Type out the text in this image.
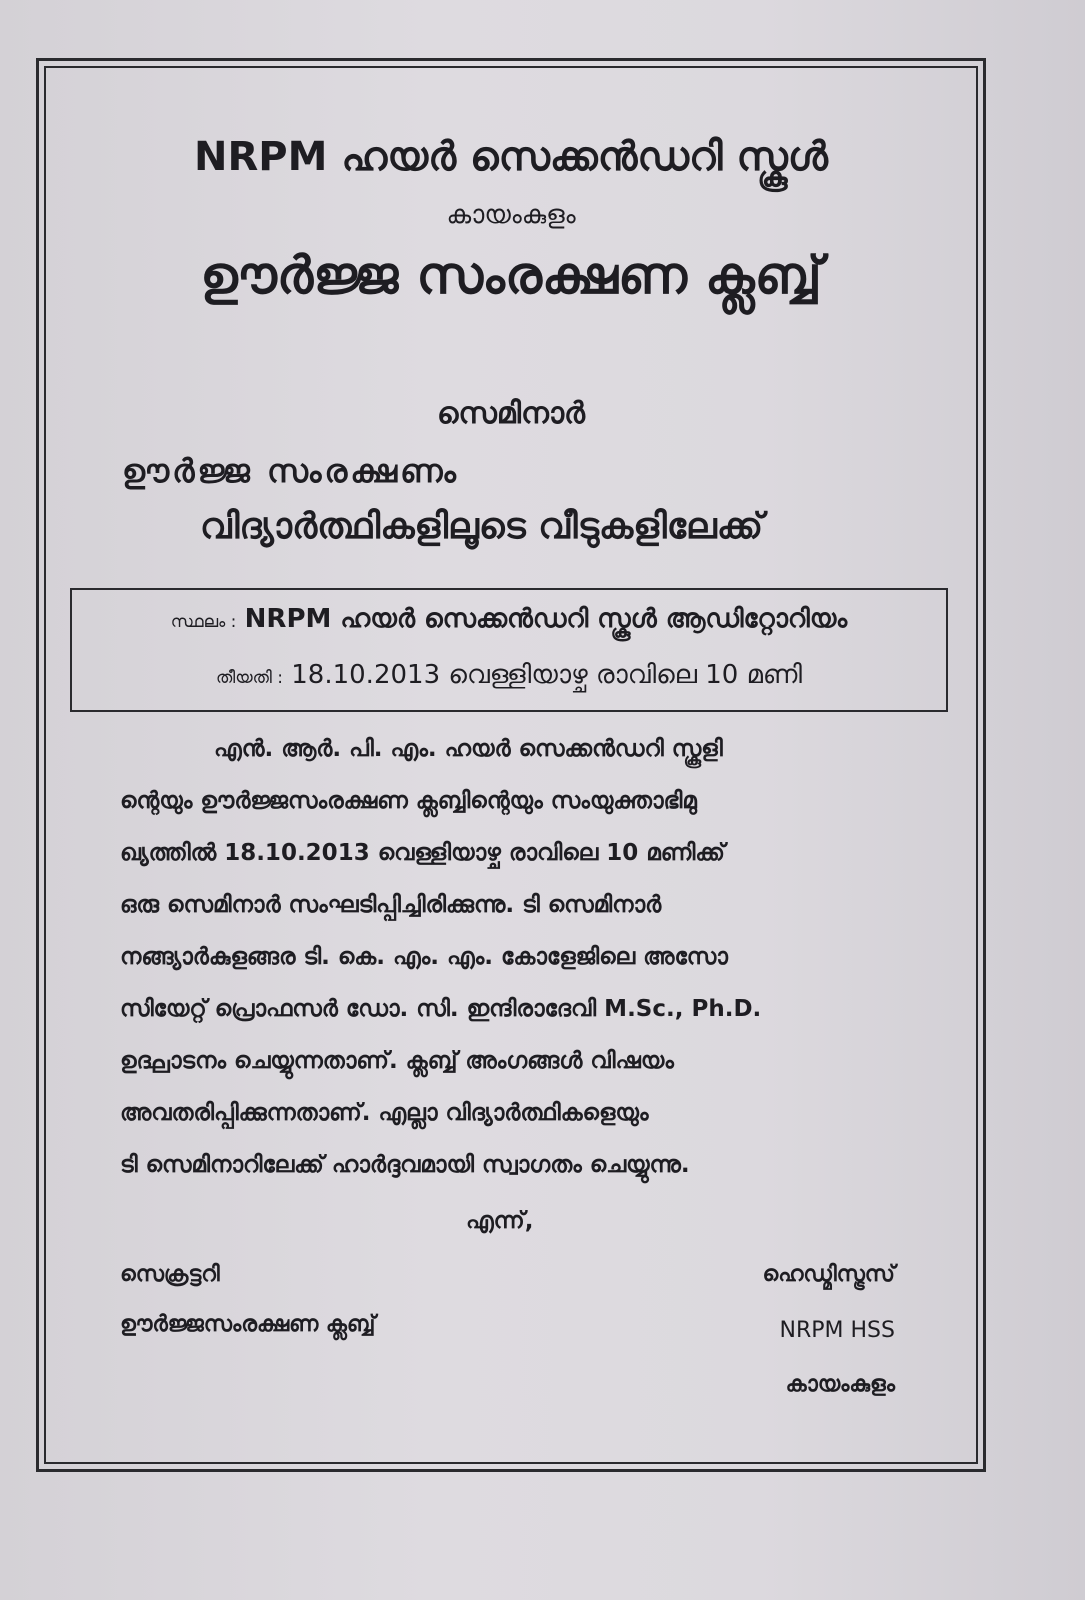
NRPM ഹയർ സെക്കൻഡറി സ്കൂൾ
കായംകുളം
ഊർജ്ജ സംരക്ഷണ ക്ലബ്ബ്
സെമിനാർ
ഊർജ്ജ സംരക്ഷണം
വിദ്യാർത്ഥികളിലൂടെ വീടുകളിലേക്ക്
സ്ഥലം : NRPM ഹയർ സെക്കൻഡറി സ്കൂൾ ആഡിറ്റോറിയം
തീയതി : 18.10.2013 വെള്ളിയാഴ്ച രാവിലെ 10 മണി
എൻ. ആർ. പി. എം. ഹയർ സെക്കൻഡറി സ്കൂളി
ന്റെയും ഊർജ്ജസംരക്ഷണ ക്ലബ്ബിന്റെയും സംയുക്താഭിമു
ഖ്യത്തിൽ 18.10.2013 വെള്ളിയാഴ്ച രാവിലെ 10 മണിക്ക്
ഒരു സെമിനാർ സംഘടിപ്പിച്ചിരിക്കുന്നു. ടി സെമിനാർ
നങ്ങ്യാർകുളങ്ങര ടി. കെ. എം. എം. കോളേജിലെ അസോ
സിയേറ്റ് പ്രൊഫസർ ഡോ. സി. ഇന്ദിരാദേവി M.Sc., Ph.D.
ഉദ്ഘാടനം ചെയ്യുന്നതാണ്. ക്ലബ്ബ് അംഗങ്ങൾ വിഷയം
അവതരിപ്പിക്കുന്നതാണ്. എല്ലാ വിദ്യാർത്ഥികളെയും
ടി സെമിനാറിലേക്ക് ഹാർദ്ദവമായി സ്വാഗതം ചെയ്യുന്നു.
എന്ന്,
സെക്രട്ടറി
ഊർജ്ജസംരക്ഷണ ക്ലബ്ബ്
ഹെഡ്മിസ്ട്രസ്
NRPM HSS
കായംകുളം
